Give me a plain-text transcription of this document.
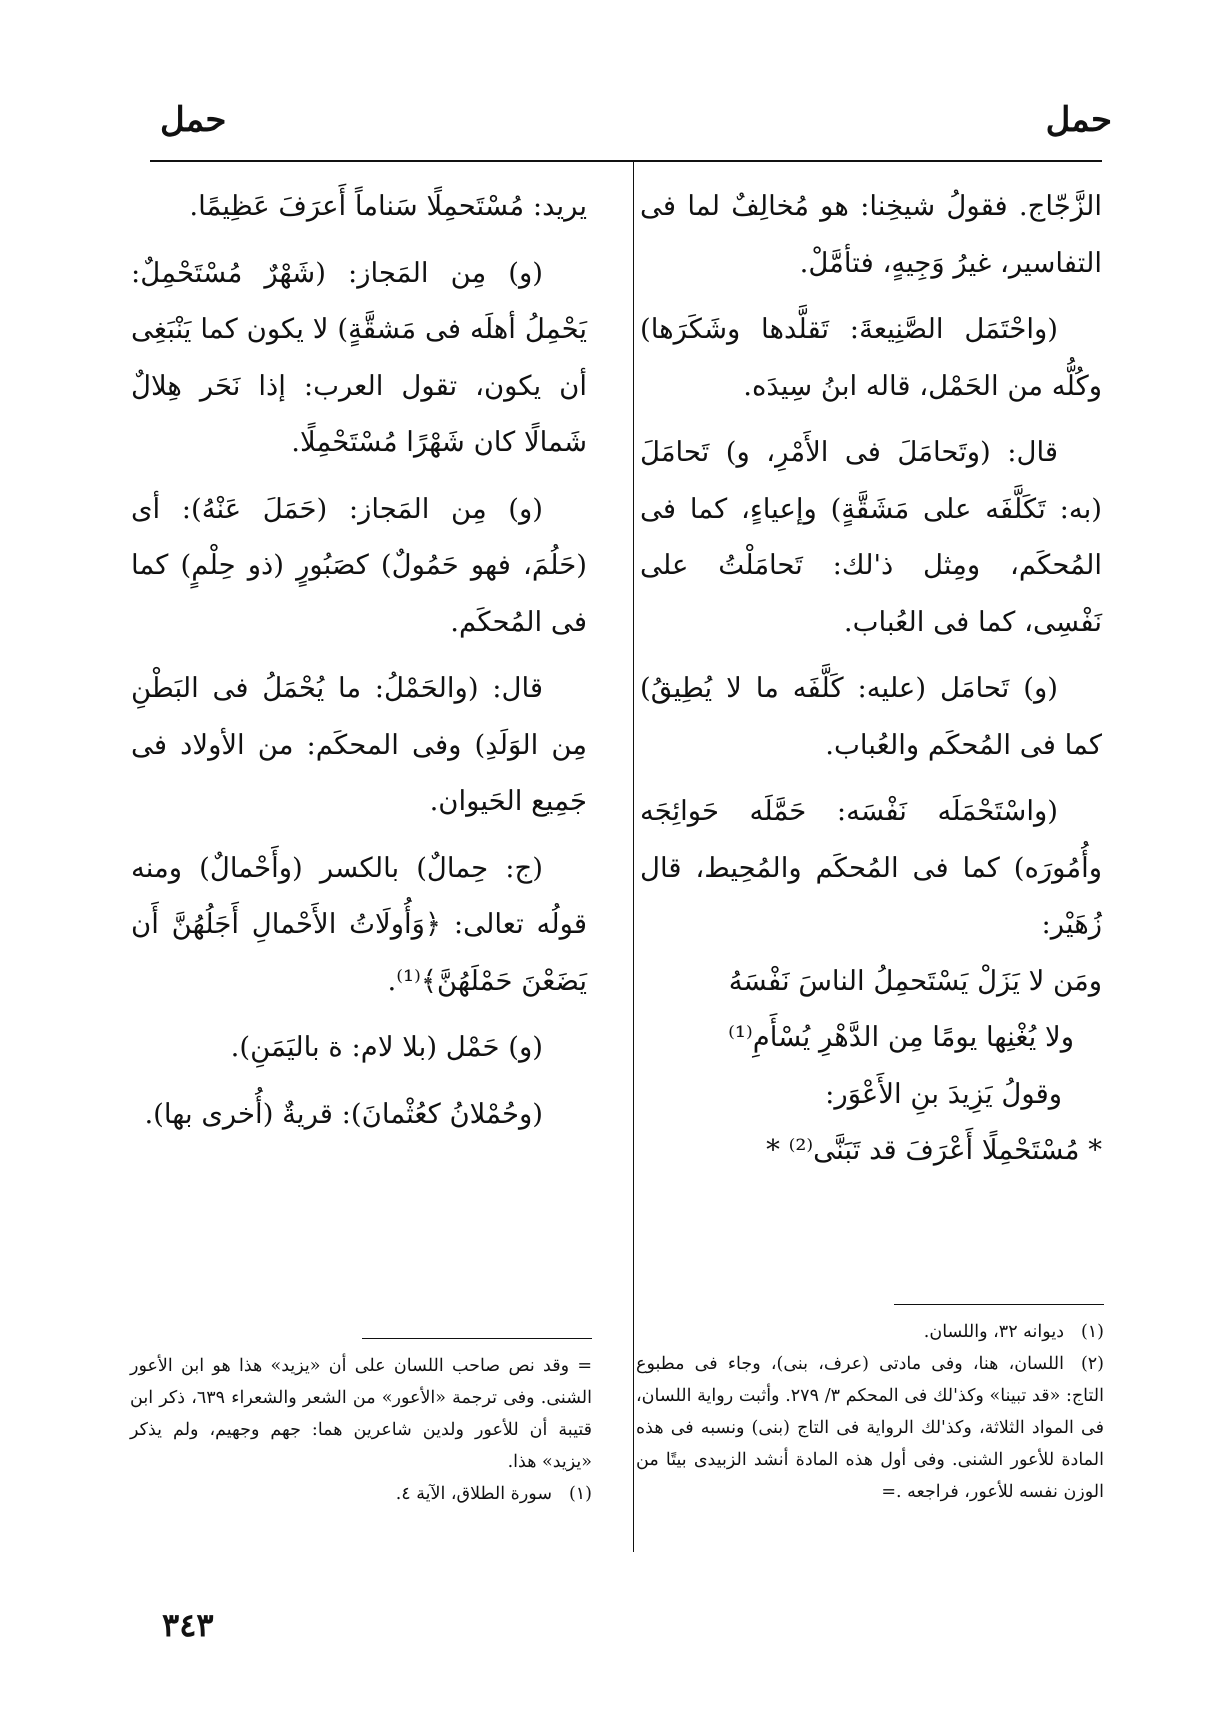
حمل
حمل

الزَّجّاج. فقولُ شيخِنا: هو مُخالِفٌ لما فى التفاسير، غيرُ وَجِيهٍ، فتأمَّلْ.

(واحْتَمَل الصَّنِيعةَ: تَقلَّدها وشَكَرَها) وكُلُّه من الحَمْل، قاله ابنُ سِيدَه.

قال: (وتَحامَلَ فى الأَمْرِ، و) تَحامَلَ (به: تَكَلَّفَه على مَشَقَّةٍ) وإعياءٍ، كما فى المُحكَم، ومِثل ذ'لك: تَحامَلْتُ على نَفْسِى، كما فى العُباب.

(و) تَحامَل (عليه: كَلَّفَه ما لا يُطِيقُ) كما فى المُحكَم والعُباب.

(واسْتَحْمَلَه نَفْسَه: حَمَّلَه حَوائِجَه وأُمُورَه) كما فى المُحكَم والمُحِيط، قال زُهَيْر:

ومَن لا يَزَلْ يَسْتَحمِلُ الناسَ نَفْسَهُ
ولا يُغْنِها يومًا مِن الدَّهْرِ يُسْأَمِ⁽¹⁾
وقولُ يَزِيدَ بنِ الأَعْوَر:
* مُسْتَحْمِلًا أَعْرَفَ قد تَبَنَّى⁽²⁾ *

يريد: مُسْتَحمِلًا سَناماً أَعرَفَ عَظِيمًا.

(و) مِن المَجاز: (شَهْرٌ مُسْتَحْمِلٌ: يَحْمِلُ أهلَه فى مَشقَّةٍ) لا يكون كما يَنْبَغِى أن يكون، تقول العرب: إذا نَحَر هِلالٌ شَمالًا كان شَهْرًا مُسْتَحْمِلًا.

(و) مِن المَجاز: (حَمَلَ عَنْهُ): أى (حَلُمَ، فهو حَمُولٌ) كصَبُورٍ (ذو حِلْمٍ) كما فى المُحكَم.

قال: (والحَمْلُ: ما يُحْمَلُ فى البَطْنِ مِن الوَلَدِ) وفى المحكَم: من الأولاد فى جَمِيع الحَيوان.

(ج: حِمالٌ) بالكسر (وأَحْمالٌ) ومنه قولُه تعالى: ﴿وَأُولَاتُ الأَحْمالِ أَجَلُهُنَّ أَن يَضَعْنَ حَمْلَهُنَّ﴾⁽¹⁾.

(و) حَمْل (بلا لام: ة باليَمَنِ).

(وحُمْلانُ كعُثْمانَ): قريةٌ (أُخرى بها).

(١)ديوانه ٣٢، واللسان.

(٢)اللسان، هنا، وفى مادتى (عرف، بنى)، وجاء فى مطبوع التاج: «قد تبينا» وكذ'لك فى المحكم ٣/ ٢٧٩. وأثبت رواية اللسان، فى المواد الثلاثة، وكذ'لك الرواية فى التاج (بنى) ونسبه فى هذه المادة للأعور الشنى. وفى أول هذه المادة أنشد الزبيدى بيتًا من الوزن نفسه للأعور، فراجعه .=

= وقد نص صاحب اللسان على أن «يزيد» هذا هو ابن الأعور الشنى. وفى ترجمة «الأعور» من الشعر والشعراء ٦٣٩، ذكر ابن قتيبة أن للأعور ولدين شاعرين هما: جهم وجهيم، ولم يذكر «يزيد» هذا.

(١)سورة الطلاق، الآية ٤.

٣٤٣
